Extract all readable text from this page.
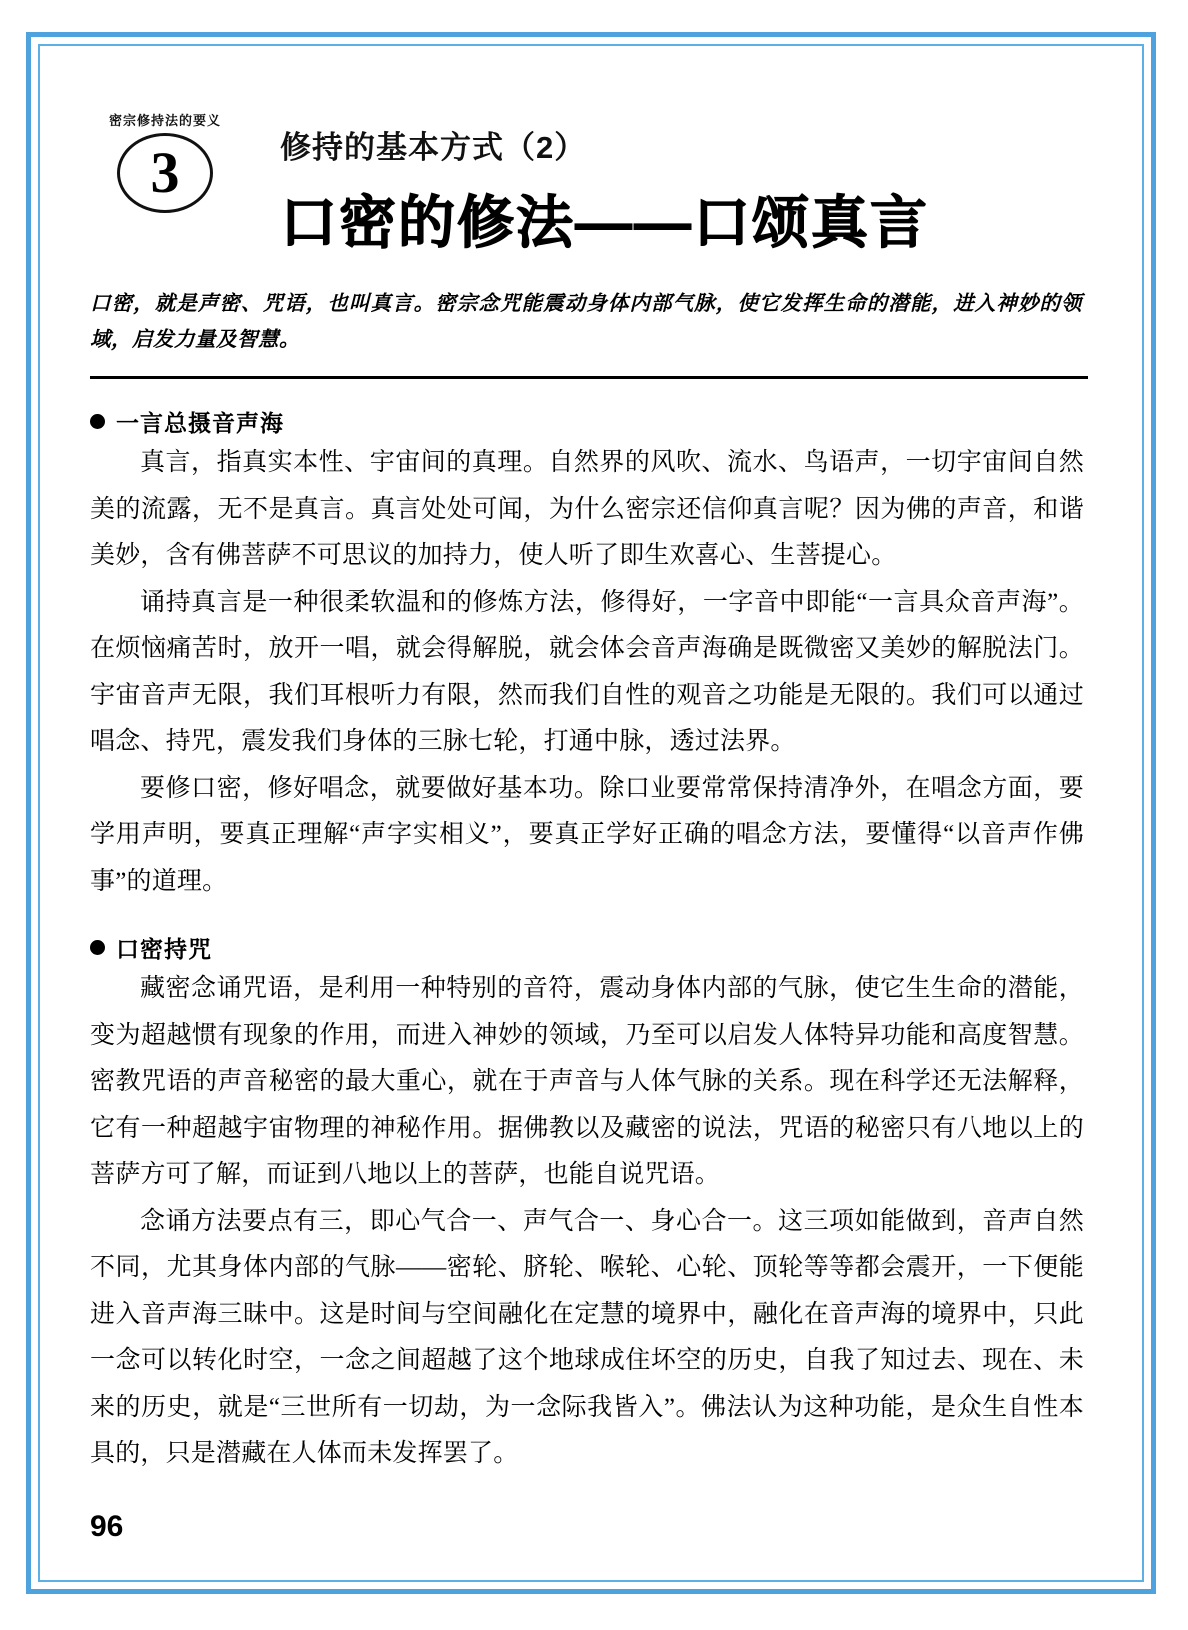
密宗修持法的要义
3	修持的基本方式（2）
口密的修法——口颂真言
口密，就是声密、咒语，也叫真言。密宗念咒能震动身体内部气脉，使它发挥生命的潜能，进入神妙的领域，启发力量及智慧。
一言总摄音声海

真言，指真实本性、宇宙间的真理。自然界的风吹、流水、鸟语声，一切宇宙间自然美的流露，无不是真言。真言处处可闻，为什么密宗还信仰真言呢？因为佛的声音，和谐美妙，含有佛菩萨不可思议的加持力，使人听了即生欢喜心、生菩提心。

诵持真言是一种很柔软温和的修炼方法，修得好，一字音中即能“一言具众音声海”。在烦恼痛苦时，放开一唱，就会得解脱，就会体会音声海确是既微密又美妙的解脱法门。宇宙音声无限，我们耳根听力有限，然而我们自性的观音之功能是无限的。我们可以通过唱念、持咒，震发我们身体的三脉七轮，打通中脉，透过法界。

要修口密，修好唱念，就要做好基本功。除口业要常常保持清净外，在唱念方面，要学用声明，要真正理解“声字实相义”，要真正学好正确的唱念方法，要懂得“以音声作佛事”的道理。

口密持咒

藏密念诵咒语，是利用一种特别的音符，震动身体内部的气脉，使它生生命的潜能，变为超越惯有现象的作用，而进入神妙的领域，乃至可以启发人体特异功能和高度智慧。密教咒语的声音秘密的最大重心，就在于声音与人体气脉的关系。现在科学还无法解释，它有一种超越宇宙物理的神秘作用。据佛教以及藏密的说法，咒语的秘密只有八地以上的菩萨方可了解，而证到八地以上的菩萨，也能自说咒语。

念诵方法要点有三，即心气合一、声气合一、身心合一。这三项如能做到，音声自然不同，尤其身体内部的气脉——密轮、脐轮、喉轮、心轮、顶轮等等都会震开，一下便能进入音声海三昧中。这是时间与空间融化在定慧的境界中，融化在音声海的境界中，只此一念可以转化时空，一念之间超越了这个地球成住坏空的历史，自我了知过去、现在、未来的历史，就是“三世所有一切劫，为一念际我皆入”。佛法认为这种功能，是众生自性本具的，只是潜藏在人体而未发挥罢了。

96
